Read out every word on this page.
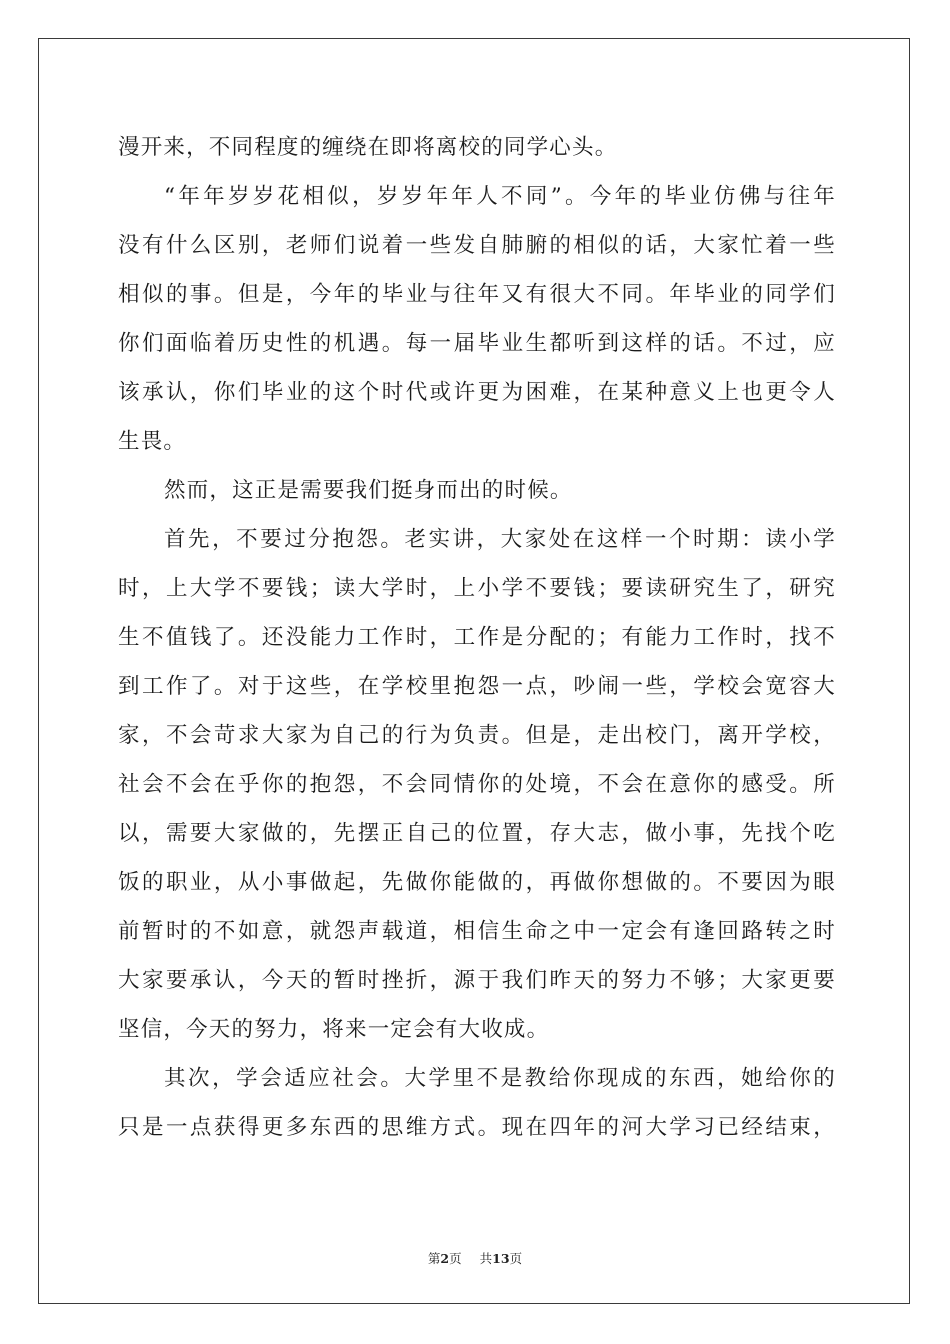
漫开来，不同程度的缠绕在即将离校的同学心头。
“年年岁岁花相似，岁岁年年人不同”。今年的毕业仿佛与往年
没有什么区别，老师们说着一些发自肺腑的相似的话，大家忙着一些
相似的事。但是，今年的毕业与往年又有很大不同。年毕业的同学们
你们面临着历史性的机遇。每一届毕业生都听到这样的话。不过，应
该承认，你们毕业的这个时代或许更为困难，在某种意义上也更令人
生畏。
然而，这正是需要我们挺身而出的时候。
首先，不要过分抱怨。老实讲，大家处在这样一个时期：读小学
时，上大学不要钱；读大学时，上小学不要钱；要读研究生了，研究
生不值钱了。还没能力工作时，工作是分配的；有能力工作时，找不
到工作了。对于这些，在学校里抱怨一点，吵闹一些，学校会宽容大
家，不会苛求大家为自己的行为负责。但是，走出校门，离开学校，
社会不会在乎你的抱怨，不会同情你的处境，不会在意你的感受。所
以，需要大家做的，先摆正自己的位置，存大志，做小事，先找个吃
饭的职业，从小事做起，先做你能做的，再做你想做的。不要因为眼
前暂时的不如意，就怨声载道，相信生命之中一定会有逢回路转之时
大家要承认，今天的暂时挫折，源于我们昨天的努力不够；大家更要
坚信，今天的努力，将来一定会有大收成。
其次，学会适应社会。大学里不是教给你现成的东西，她给你的
只是一点获得更多东西的思维方式。现在四年的河大学习已经结束，
第2页 共13页
